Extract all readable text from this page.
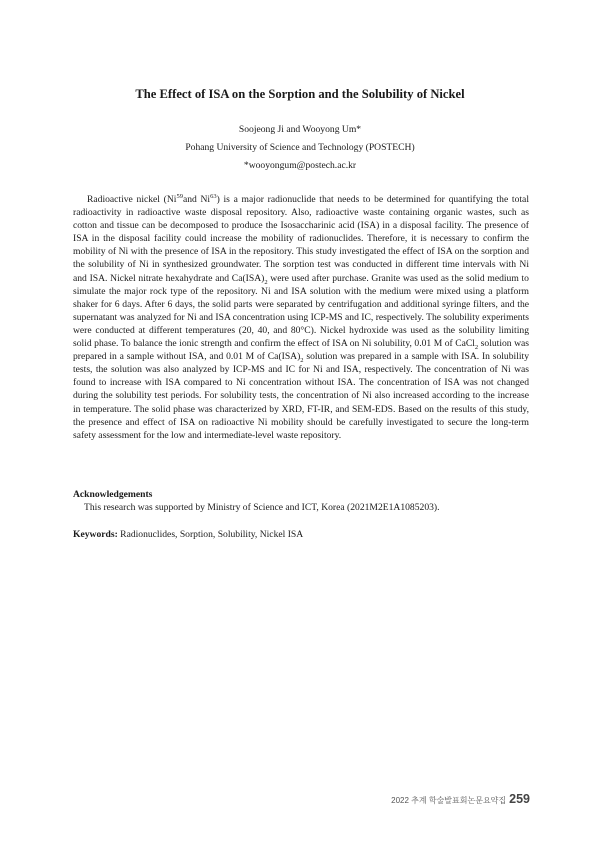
The Effect of ISA on the Sorption and the Solubility of Nickel

Soojeong Ji and Wooyong Um*

Pohang University of Science and Technology (POSTECH)

*wooyongum@postech.ac.kr

Radioactive nickel (Ni$^{59}$and Ni$^{63}$) is a major radionuclide that needs to be determined for quantifying the total radioactivity in radioactive waste disposal repository. Also, radioactive waste containing organic wastes, such as cotton and tissue can be decomposed to produce the Isosaccharinic acid (ISA) in a disposal facility. The presence of ISA in the disposal facility could increase the mobility of radionuclides. Therefore, it is necessary to confirm the mobility of Ni with the presence of ISA in the repository. This study investigated the effect of ISA on the sorption and the solubility of Ni in synthesized groundwater. The sorption test was conducted in different time intervals with Ni and ISA. Nickel nitrate hexahydrate and $Ca(ISA)_2$ were used after purchase. Granite was used as the solid medium to simulate the major rock type of the repository. Ni and ISA solution with the medium were mixed using a platform shaker for 6 days. After 6 days, the solid parts were separated by centrifugation and additional syringe filters, and the supernatant was analyzed for Ni and ISA concentration using ICP-MS and IC, respectively. The solubility experiments were conducted at different temperatures (20, 40, and 80°C). Nickel hydroxide was used as the solubility limiting solid phase. To balance the ionic strength and confirm the effect of ISA on Ni solubility, 0.01 M of CaCl$_2$ solution was prepared in a sample without ISA, and 0.01 M of $Ca(ISA)_2$ solution was prepared in a sample with ISA. In solubility tests, the solution was also analyzed by ICP-MS and IC for Ni and ISA, respectively. The concentration of Ni was found to increase with ISA compared to Ni concentration without ISA. The concentration of ISA was not changed during the solubility test periods. For solubility tests, the concentration of Ni also increased according to the increase in temperature. The solid phase was characterized by XRD, FT-IR, and SEM-EDS. Based on the results of this study, the presence and effect of ISA on radioactive Ni mobility should be carefully investigated to secure the long-term safety assessment for the low and intermediate-level waste repository.

Acknowledgements

This research was supported by Ministry of Science and ICT, Korea (2021M2E1A1085203).

Keywords: Radionuclides, Sorption, Solubility, Nickel ISA

2022 추계 학술발표회논문요약집 259
